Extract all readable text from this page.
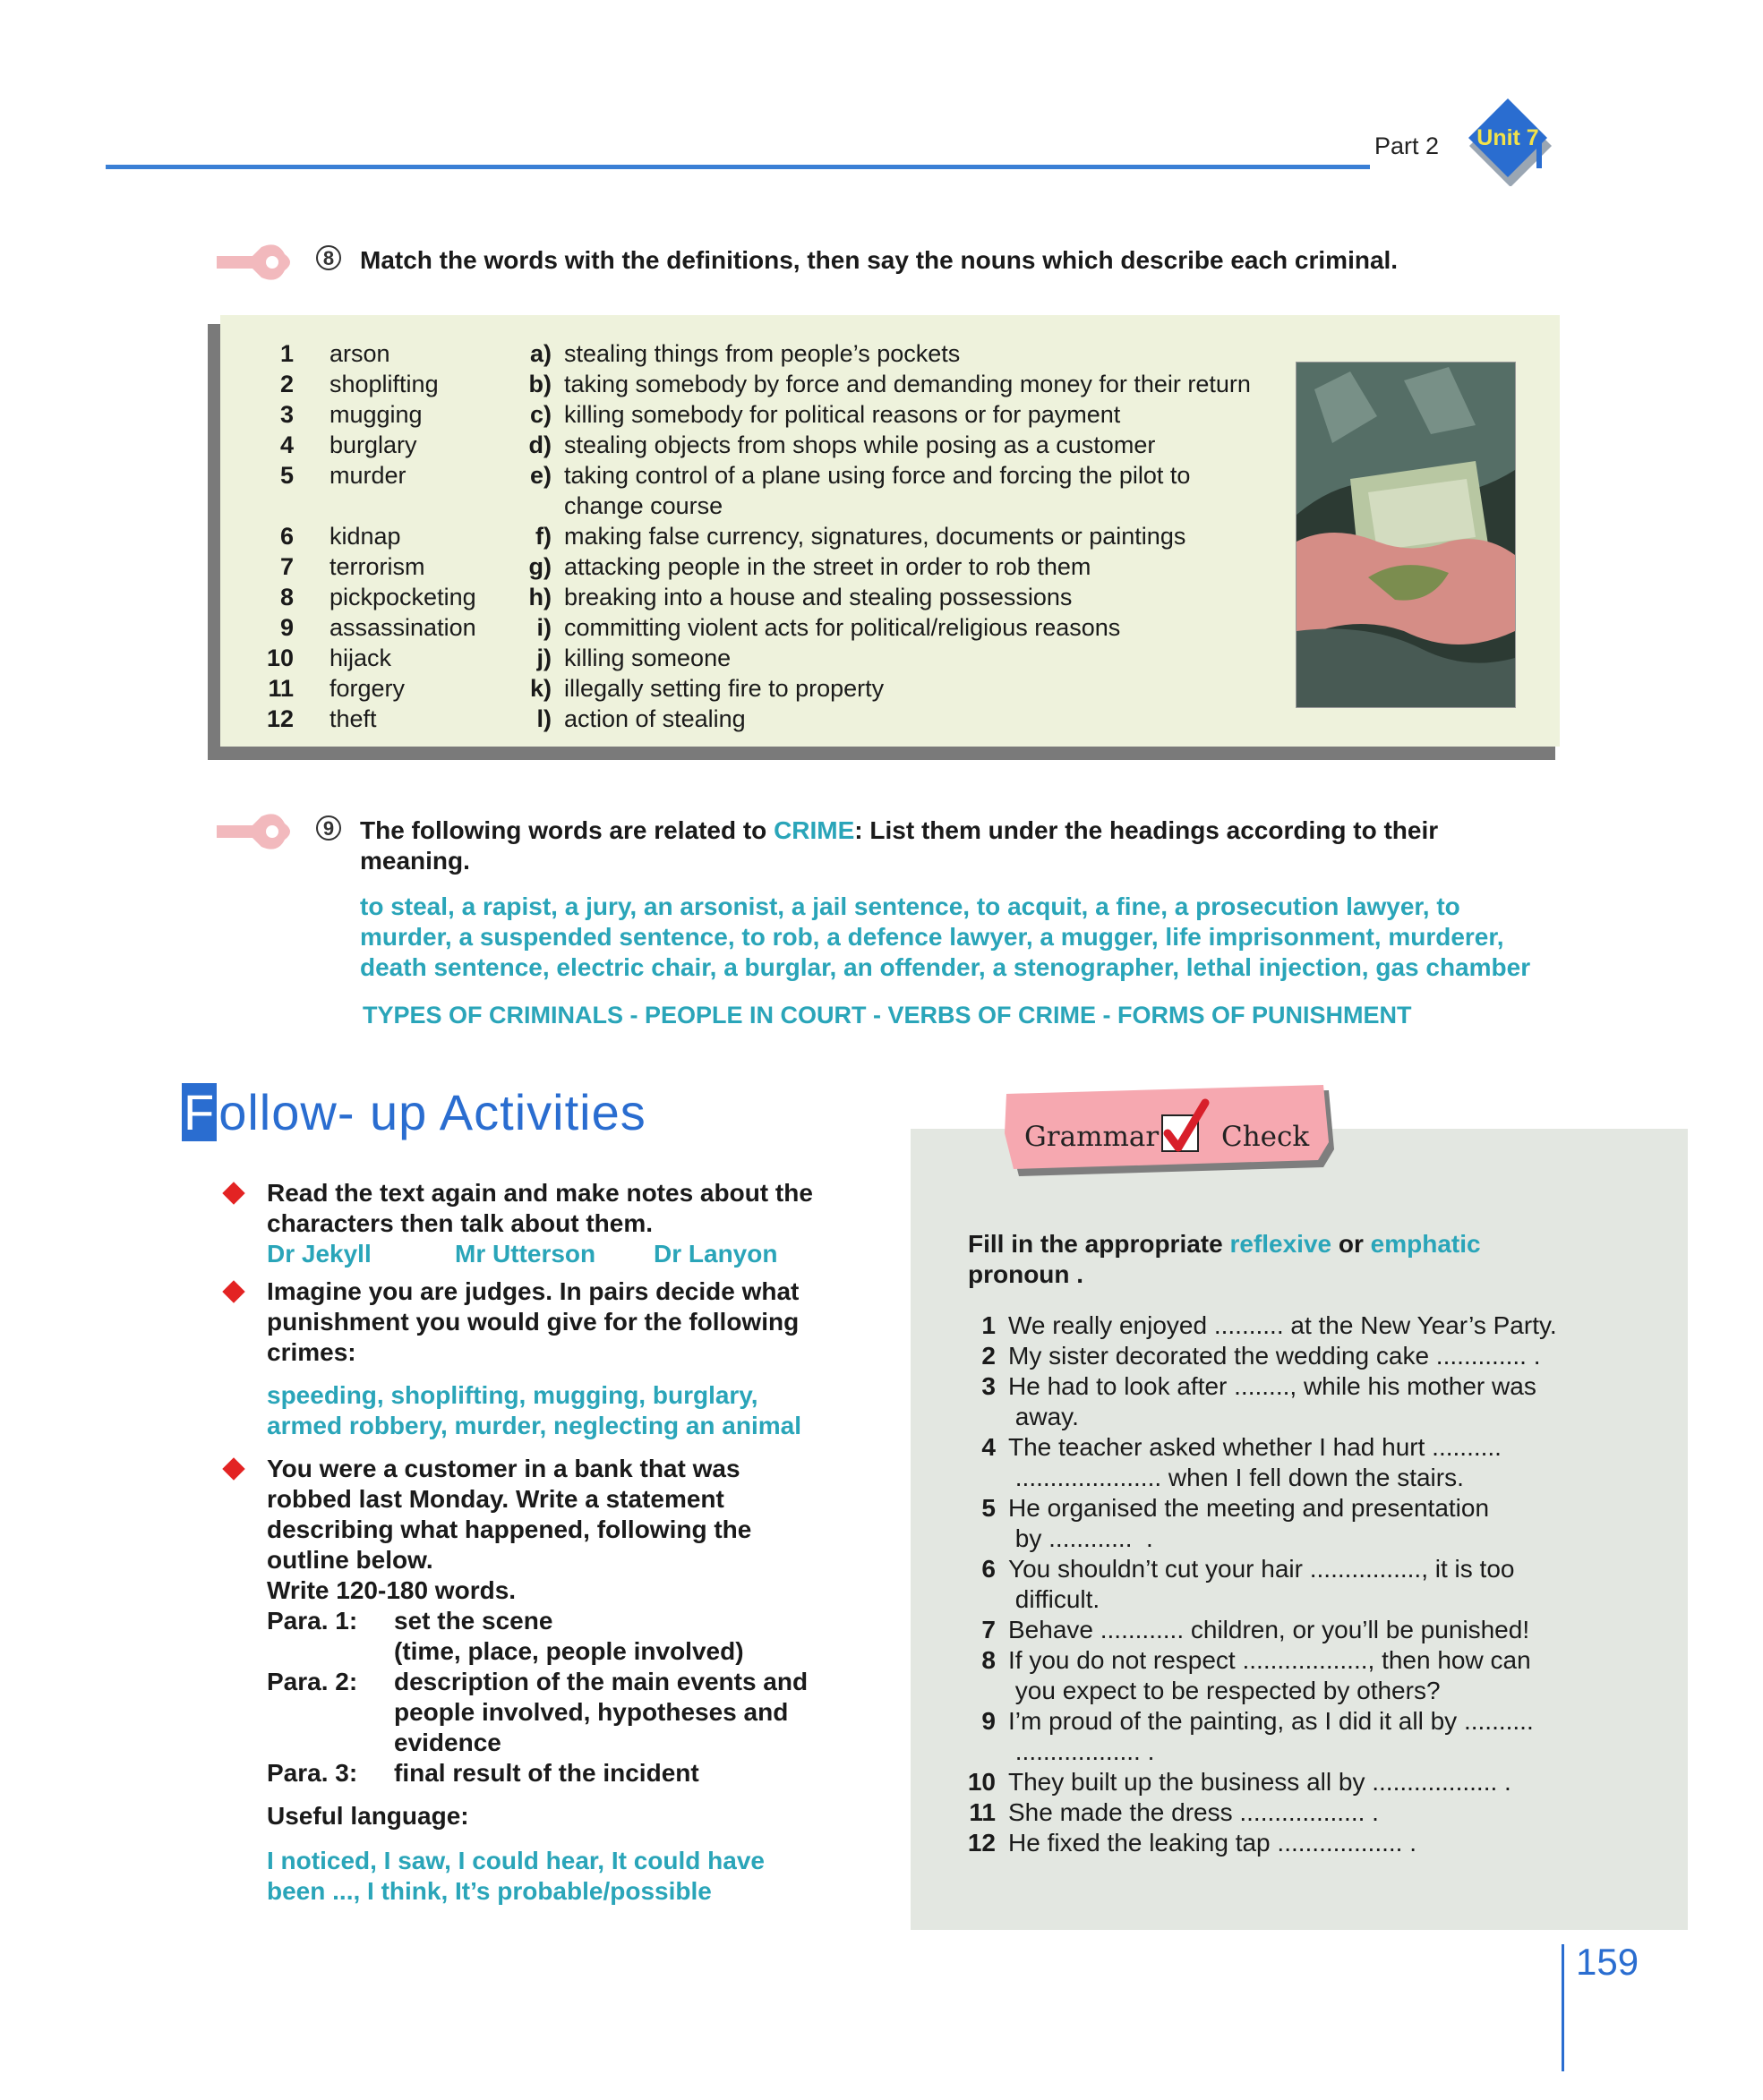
Part 2 Unit 7
8 Match the words with the definitions, then say the nouns which describe each criminal.
1 arson	a) stealing things from people’s pockets
2 shoplifting	b) taking somebody by force and demanding money for their return
3 mugging	c) killing somebody for political reasons or for payment
4 burglary	d) stealing objects from shops while posing as a customer
5 murder	e) taking control of a plane using force and forcing the pilot to
change course
6 kidnap	f) making false currency, signatures, documents or paintings
7 terrorism	g) attacking people in the street in order to rob them
8 pickpocketing	h) breaking into a house and stealing possessions
9 assassination	i) committing violent acts for political/religious reasons
10 hijack	j) killing someone
11 forgery	k) illegally setting fire to property
12 theft	l) action of stealing
9 The following words are related to CRIME: List them under the headings according to their
meaning.
to steal, a rapist, a jury, an arsonist, a jail sentence, to acquit, a fine, a prosecution lawyer, to
murder, a suspended sentence, to rob, a defence lawyer, a mugger, life imprisonment, murderer,
death sentence, electric chair, a burglar, an offender, a stenographer, lethal injection, gas chamber
TYPES OF CRIMINALS - PEOPLE IN COURT - VERBS OF CRIME - FORMS OF PUNISHMENT
Follow- up Activities
Read the text again and make notes about the
characters then talk about them.
Dr Jekyll	Mr Utterson Dr Lanyon
Imagine you are judges. In pairs decide what
punishment you would give for the following
crimes:
speeding, shoplifting, mugging, burglary,
armed robbery, murder, neglecting an animal
You were a customer in a bank that was
robbed last Monday. Write a statement
describing what happened, following the
outline below.
Write 120-180 words.
Para. 1: set the scene
(time, place, people involved)
Para. 2: description of the main events and
people involved, hypotheses and
evidence
Para. 3: final result of the incident
Useful language:
I noticed, I saw, I could hear, It could have
been ..., I think, It’s probable/possible
Grammar Check
Fill in the appropriate reflexive or emphatic
pronoun .
1 We really enjoyed .......... at the New Year’s Party.
2 My sister decorated the wedding cake ............. .
3 He had to look after ........, while his mother was
away.
4 The teacher asked whether I had hurt ..........
..................... when I fell down the stairs.
5 He organised the meeting and presentation
by ............  .
6 You shouldn’t cut your hair ................, it is too
difficult.
7 Behave ............ children, or you’ll be punished!
8 If you do not respect .................., then how can
you expect to be respected by others?
9 I’m proud of the painting, as I did it all by ..........
.................. .
10 They built up the business all by .................. .
11 She made the dress .................. .
12 He fixed the leaking tap .................. .
159
